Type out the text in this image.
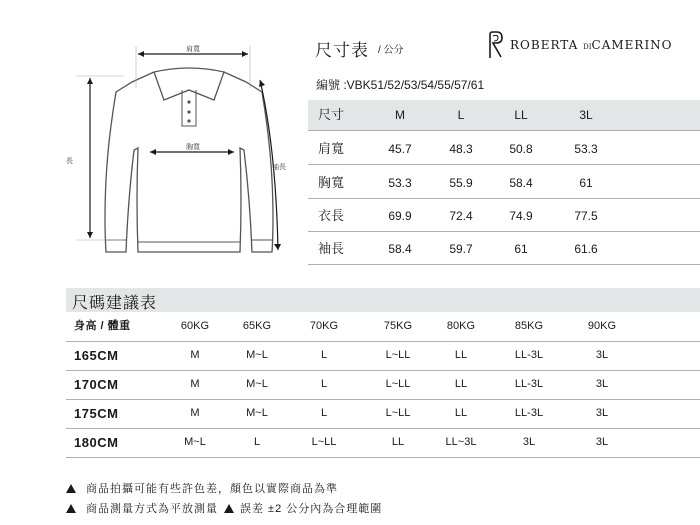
尺寸表 / 公分	ROBERTA DICAMERINO
編號 :VBK51/52/53/54/55/57/61
肩寬
胸寬
長
袖長
尺寸	M	L	LL	3L
肩寬	45.7	48.3	50.8	53.3
胸寬	53.3	55.9	58.4	61
衣長	69.9	72.4	74.9	77.5
袖長	58.4	59.7	61	61.6
尺碼建議表
身高 / 體重	60KG	65KG	70KG	75KG	80KG	85KG	90KG
165CM	M	M~L	L	L~LL	LL	LL-3L	3L
170CM	M	M~L	L	L~LL	LL	LL-3L	3L
175CM	M	M~L	L	L~LL	LL	LL-3L	3L
180CM	M~L	L	L~LL	LL	LL~3L	3L	3L
商品拍攝可能有些許色差，顏色以實際商品為準
商品測量方式為平放測量 誤差 ±2 公分內為合理範圍
